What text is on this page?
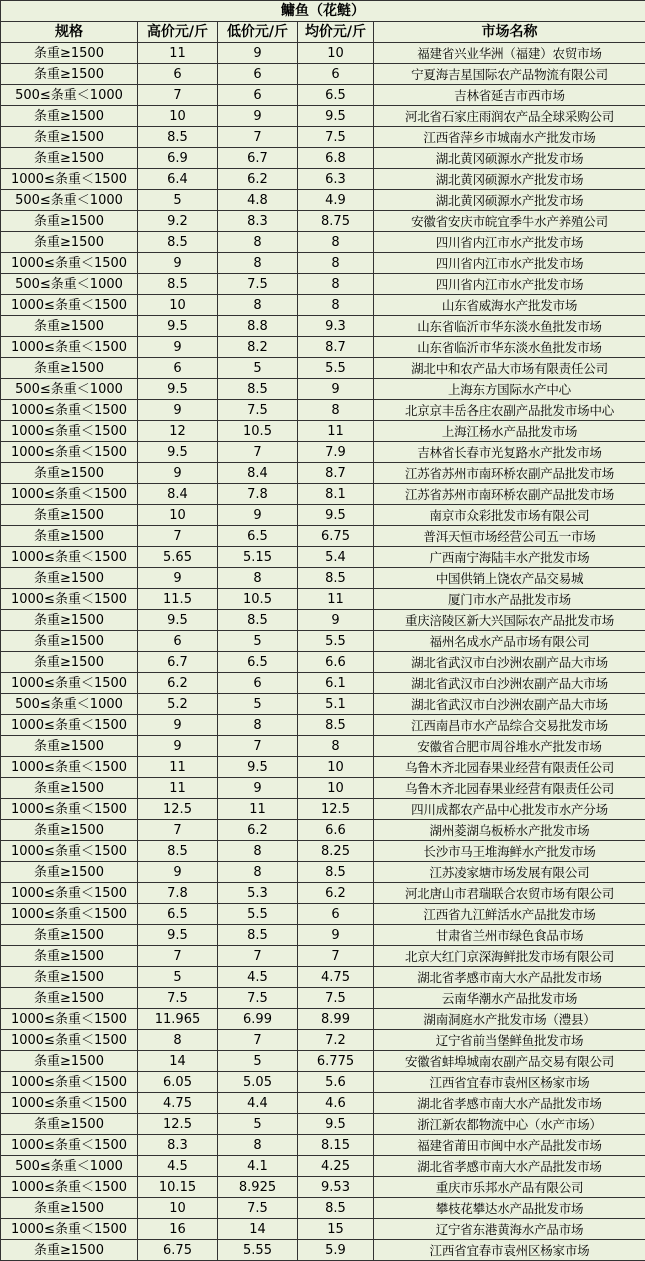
鳙鱼（花鲢）				
规格	高价元/斤	低价元/斤	均价元/斤	市场名称
条重≥1500	11	9	10	福建省兴业华洲（福建）农贸市场
条重≥1500	6	6	6	宁夏海吉星国际农产品物流有限公司
500≤条重＜1000	7	6	6.5	吉林省延吉市西市场
条重≥1500	10	9	9.5	河北省石家庄雨润农产品全球采购公司
条重≥1500	8.5	7	7.5	江西省萍乡市城南水产批发市场
条重≥1500	6.9	6.7	6.8	湖北黄冈硕源水产批发市场
1000≤条重＜1500	6.4	6.2	6.3	湖北黄冈硕源水产批发市场
500≤条重＜1000	5	4.8	4.9	湖北黄冈硕源水产批发市场
条重≥1500	9.2	8.3	8.75	安徽省安庆市皖宜季牛水产养殖公司
条重≥1500	8.5	8	8	四川省内江市水产批发市场
1000≤条重＜1500	9	8	8	四川省内江市水产批发市场
500≤条重＜1000	8.5	7.5	8	四川省内江市水产批发市场
1000≤条重＜1500	10	8	8	山东省威海水产批发市场
条重≥1500	9.5	8.8	9.3	山东省临沂市华东淡水鱼批发市场
1000≤条重＜1500	9	8.2	8.7	山东省临沂市华东淡水鱼批发市场
条重≥1500	6	5	5.5	湖北中和农产品大市场有限责任公司
500≤条重＜1000	9.5	8.5	9	上海东方国际水产中心
1000≤条重＜1500	9	7.5	8	北京京丰岳各庄农副产品批发市场中心
1000≤条重＜1500	12	10.5	11	上海江杨水产品批发市场
1000≤条重＜1500	9.5	7	7.9	吉林省长春市光复路水产批发市场
条重≥1500	9	8.4	8.7	江苏省苏州市南环桥农副产品批发市场
1000≤条重＜1500	8.4	7.8	8.1	江苏省苏州市南环桥农副产品批发市场
条重≥1500	10	9	9.5	南京市众彩批发市场有限公司
条重≥1500	7	6.5	6.75	普洱天恒市场经营公司五一市场
1000≤条重＜1500	5.65	5.15	5.4	广西南宁海陆丰水产批发市场
条重≥1500	9	8	8.5	中国供销上饶农产品交易城
1000≤条重＜1500	11.5	10.5	11	厦门市水产品批发市场
条重≥1500	9.5	8.5	9	重庆涪陵区新大兴国际农产品批发市场
条重≥1500	6	5	5.5	福州名成水产品市场有限公司
条重≥1500	6.7	6.5	6.6	湖北省武汉市白沙洲农副产品大市场
1000≤条重＜1500	6.2	6	6.1	湖北省武汉市白沙洲农副产品大市场
500≤条重＜1000	5.2	5	5.1	湖北省武汉市白沙洲农副产品大市场
1000≤条重＜1500	9	8	8.5	江西南昌市水产品综合交易批发市场
条重≥1500	9	7	8	安徽省合肥市周谷堆水产批发市场
1000≤条重＜1500	11	9.5	10	乌鲁木齐北园春果业经营有限责任公司
条重≥1500	11	9	10	乌鲁木齐北园春果业经营有限责任公司
1000≤条重＜1500	12.5	11	12.5	四川成都农产品中心批发市水产分场
条重≥1500	7	6.2	6.6	湖州菱湖乌板桥水产批发市场
1000≤条重＜1500	8.5	8	8.25	长沙市马王堆海鲜水产批发市场
条重≥1500	9	8	8.5	江苏凌家塘市场发展有限公司
1000≤条重＜1500	7.8	5.3	6.2	河北唐山市君瑞联合农贸市场有限公司
1000≤条重＜1500	6.5	5.5	6	江西省九江鲜活水产品批发市场
条重≥1500	9.5	8.5	9	甘肃省兰州市绿色食品市场
条重≥1500	7	7	7	北京大红门京深海鲜批发市场有限公司
条重≥1500	5	4.5	4.75	湖北省孝感市南大水产品批发市场
条重≥1500	7.5	7.5	7.5	云南华潮水产品批发市场
1000≤条重＜1500	11.965	6.99	8.99	湖南洞庭水产批发市场（澧县）
1000≤条重＜1500	8	7	7.2	辽宁省前当堡鲜鱼批发市场
条重≥1500	14	5	6.775	安徽省蚌埠城南农副产品交易有限公司
1000≤条重＜1500	6.05	5.05	5.6	江西省宜春市袁州区杨家市场
1000≤条重＜1500	4.75	4.4	4.6	湖北省孝感市南大水产品批发市场
条重≥1500	12.5	5	9.5	浙江新农都物流中心（水产市场）
1000≤条重＜1500	8.3	8	8.15	福建省莆田市闽中水产品批发市场
500≤条重＜1000	4.5	4.1	4.25	湖北省孝感市南大水产品批发市场
1000≤条重＜1500	10.15	8.925	9.53	重庆市乐邦水产品有限公司
条重≥1500	10	7.5	8.5	攀枝花攀达水产品批发市场
1000≤条重＜1500	16	14	15	辽宁省东港黄海水产品市场
条重≥1500	6.75	5.55	5.9	江西省宜春市袁州区杨家市场
